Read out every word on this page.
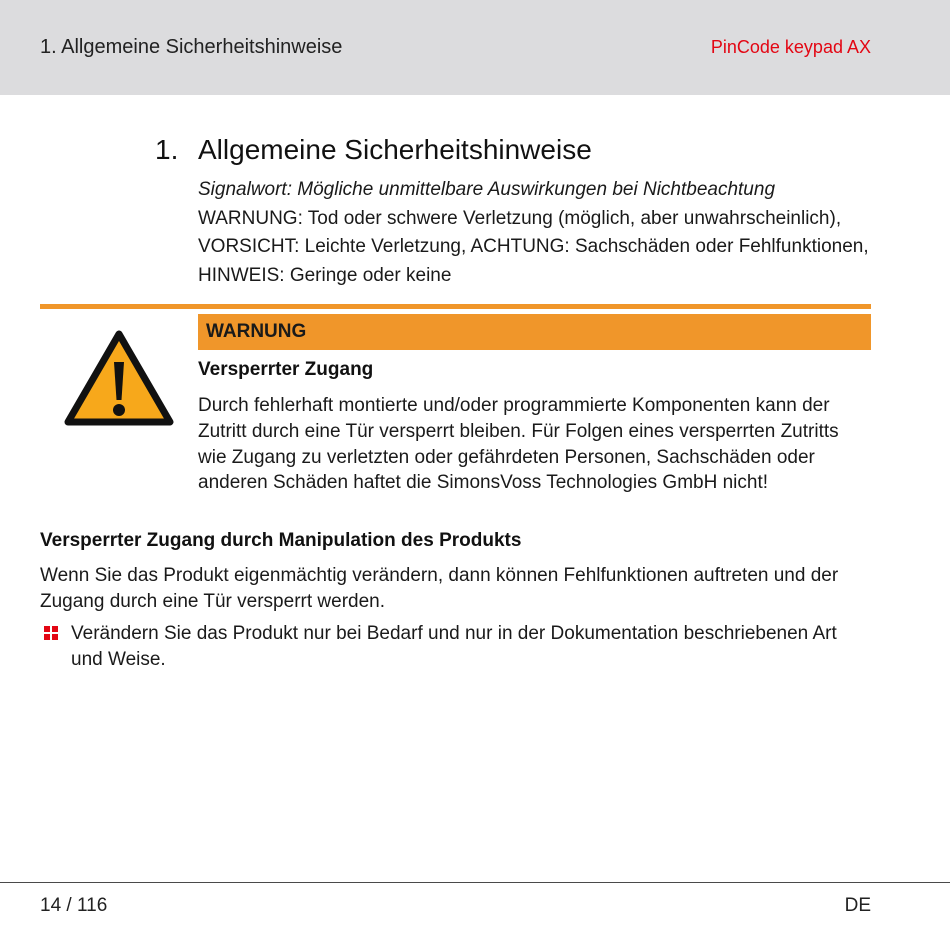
1. Allgemeine Sicherheitshinweise	PinCode keypad AX
1. Allgemeine Sicherheitshinweise
Signalwort: Mögliche unmittelbare Auswirkungen bei Nichtbeachtung
WARNUNG: Tod oder schwere Verletzung (möglich, aber unwahrscheinlich), VORSICHT: Leichte Verletzung, ACHTUNG: Sachschäden oder Fehlfunktionen, HINWEIS: Geringe oder keine
WARNUNG
Versperrter Zugang
Durch fehlerhaft montierte und/oder programmierte Komponenten kann der Zutritt durch eine Tür versperrt bleiben. Für Folgen eines versperrten Zutritts wie Zugang zu verletzten oder gefährdeten Personen, Sachschäden oder anderen Schäden haftet die SimonsVoss Technologies GmbH nicht!
Versperrter Zugang durch Manipulation des Produkts
Wenn Sie das Produkt eigenmächtig verändern, dann können Fehlfunktionen auftreten und der Zugang durch eine Tür versperrt werden.
Verändern Sie das Produkt nur bei Bedarf und nur in der Dokumentation beschriebenen Art und Weise.
14 / 116	DE
